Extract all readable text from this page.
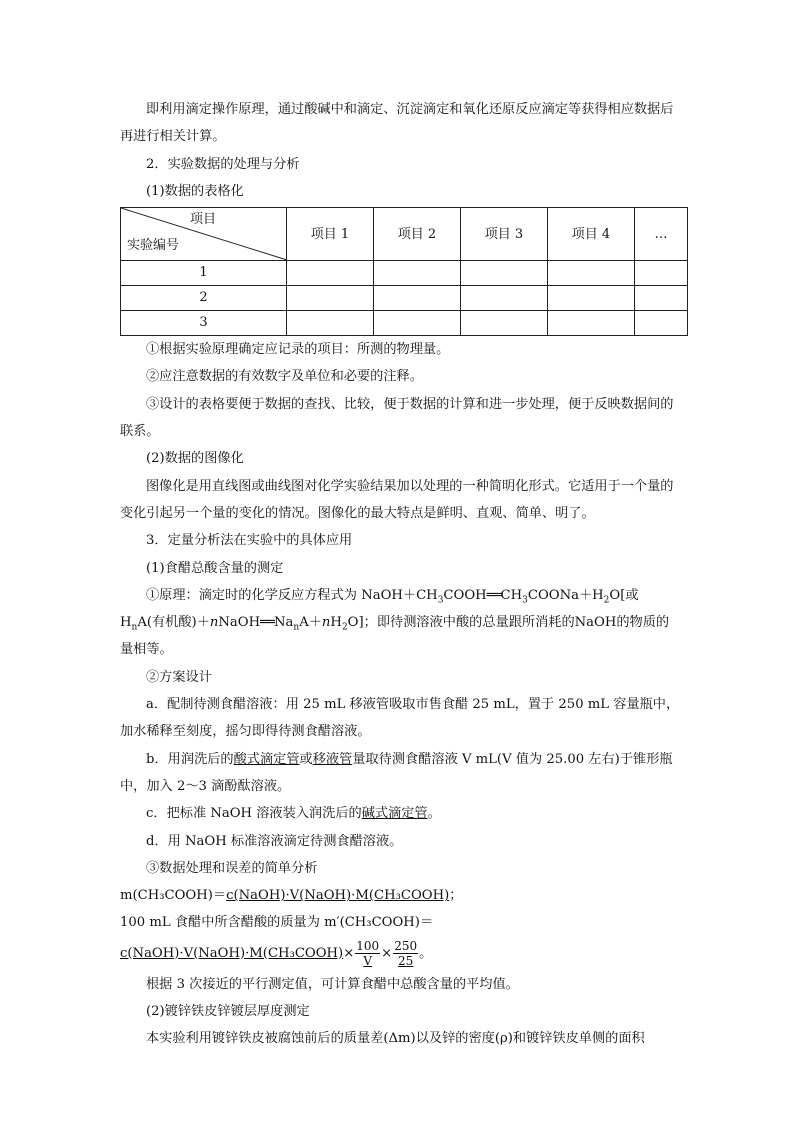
即利用滴定操作原理，通过酸碱中和滴定、沉淀滴定和氧化还原反应滴定等获得相应数据后再进行相关计算。

2．实验数据的处理与分析

(1)数据的表格化

项目
实验编号	项目 1	项目 2	项目 3	项目 4	…
1					
2					
3					

①根据实验原理确定应记录的项目：所测的物理量。

②应注意数据的有效数字及单位和必要的注释。

③设计的表格要便于数据的查找、比较，便于数据的计算和进一步处理，便于反映数据间的联系。

(2)数据的图像化

图像化是用直线图或曲线图对化学实验结果加以处理的一种简明化形式。它适用于一个量的变化引起另一个量的变化的情况。图像化的最大特点是鲜明、直观、简单、明了。

3．定量分析法在实验中的具体应用

(1)食醋总酸含量的测定

①原理：滴定时的化学反应方程式为 $NaOH+CH_3COOH══CH_3COONa+H_2O$[或 $H_nA$(有机酸)$+nNaOH══Na_nA+nH_2O$]；即待测溶液中酸的总量跟所消耗的NaOH的物质的量相等。

②方案设计

a．配制待测食醋溶液：用 25 mL 移液管吸取市售食醋 25 mL，置于 250 mL 容量瓶中，加水稀释至刻度，摇匀即得待测食醋溶液。

b．用润洗后的酸式滴定管或移液管量取待测食醋溶液 V mL(V 值为 25.00 左右)于锥形瓶中，加入 2～3 滴酚酞溶液。

c．把标准 NaOH 溶液装入润洗后的碱式滴定管。

d．用 NaOH 标准溶液滴定待测食醋溶液。

③数据处理和误差的简单分析

m(CH₃COOH)＝c(NaOH)·V(NaOH)·M(CH₃COOH)；

100 mL 食醋中所含醋酸的质量为 m′(CH₃COOH)＝

c(NaOH)·V(NaOH)·M(CH₃COOH)× $\frac{100}{V} \times \frac{250}{25}$ 。

根据 3 次接近的平行测定值，可计算食醋中总酸含量的平均值。

(2)镀锌铁皮锌镀层厚度测定

本实验利用镀锌铁皮被腐蚀前后的质量差(Δm)以及锌的密度(ρ)和镀锌铁皮单侧的面积
